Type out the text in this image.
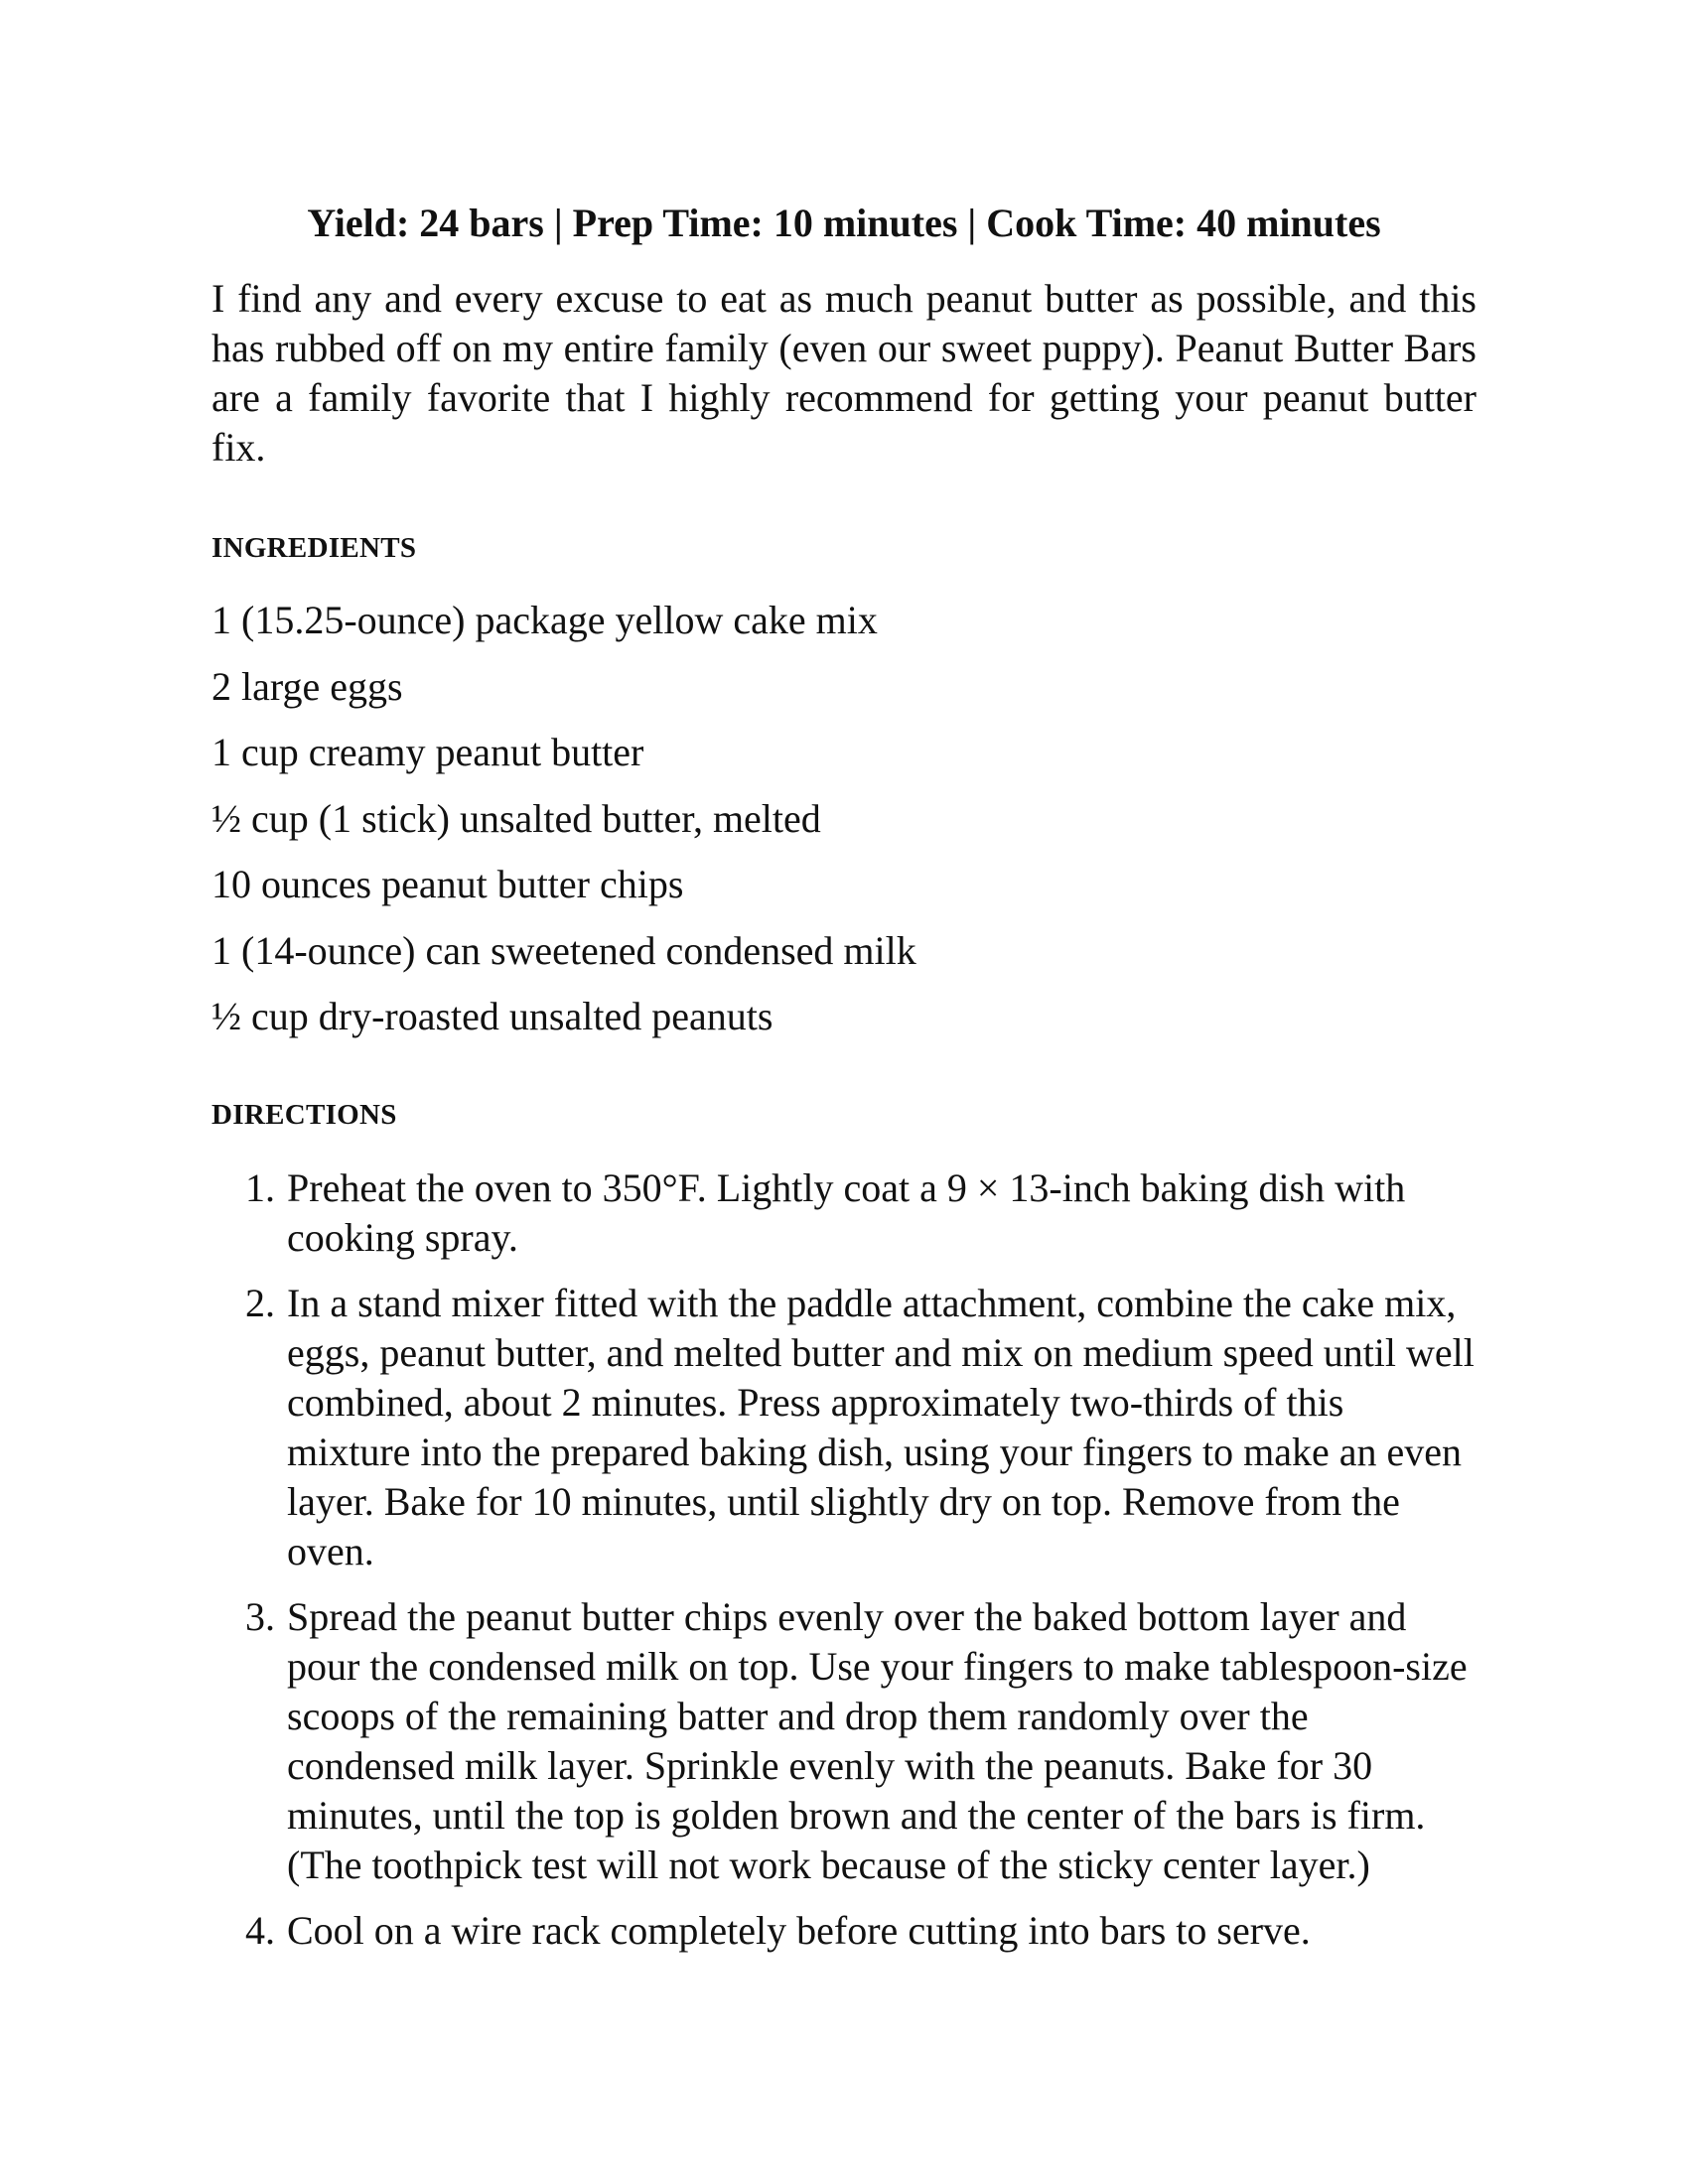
Yield: 24 bars | Prep Time: 10 minutes | Cook Time: 40 minutes

I find any and every excuse to eat as much peanut butter as possible, and this has rubbed off on my entire family (even our sweet puppy). Peanut Butter Bars are a family favorite that I highly recommend for getting your peanut butter fix.

INGREDIENTS
1 (15.25-ounce) package yellow cake mix
2 large eggs
1 cup creamy peanut butter
½ cup (1 stick) unsalted butter, melted
10 ounces peanut butter chips
1 (14-ounce) can sweetened condensed milk
½ cup dry-roasted unsalted peanuts
DIRECTIONS
1. Preheat the oven to 350°F. Lightly coat a 9 × 13-inch baking dish with cooking spray.
2. In a stand mixer fitted with the paddle attachment, combine the cake mix, eggs, peanut butter, and melted butter and mix on medium speed until well combined, about 2 minutes. Press approximately two-thirds of this mixture into the prepared baking dish, using your fingers to make an even layer. Bake for 10 minutes, until slightly dry on top. Remove from the oven.
3. Spread the peanut butter chips evenly over the baked bottom layer and pour the condensed milk on top. Use your fingers to make tablespoon-size scoops of the remaining batter and drop them randomly over the condensed milk layer. Sprinkle evenly with the peanuts. Bake for 30 minutes, until the top is golden brown and the center of the bars is firm. (The toothpick test will not work because of the sticky center layer.)
4. Cool on a wire rack completely before cutting into bars to serve.
